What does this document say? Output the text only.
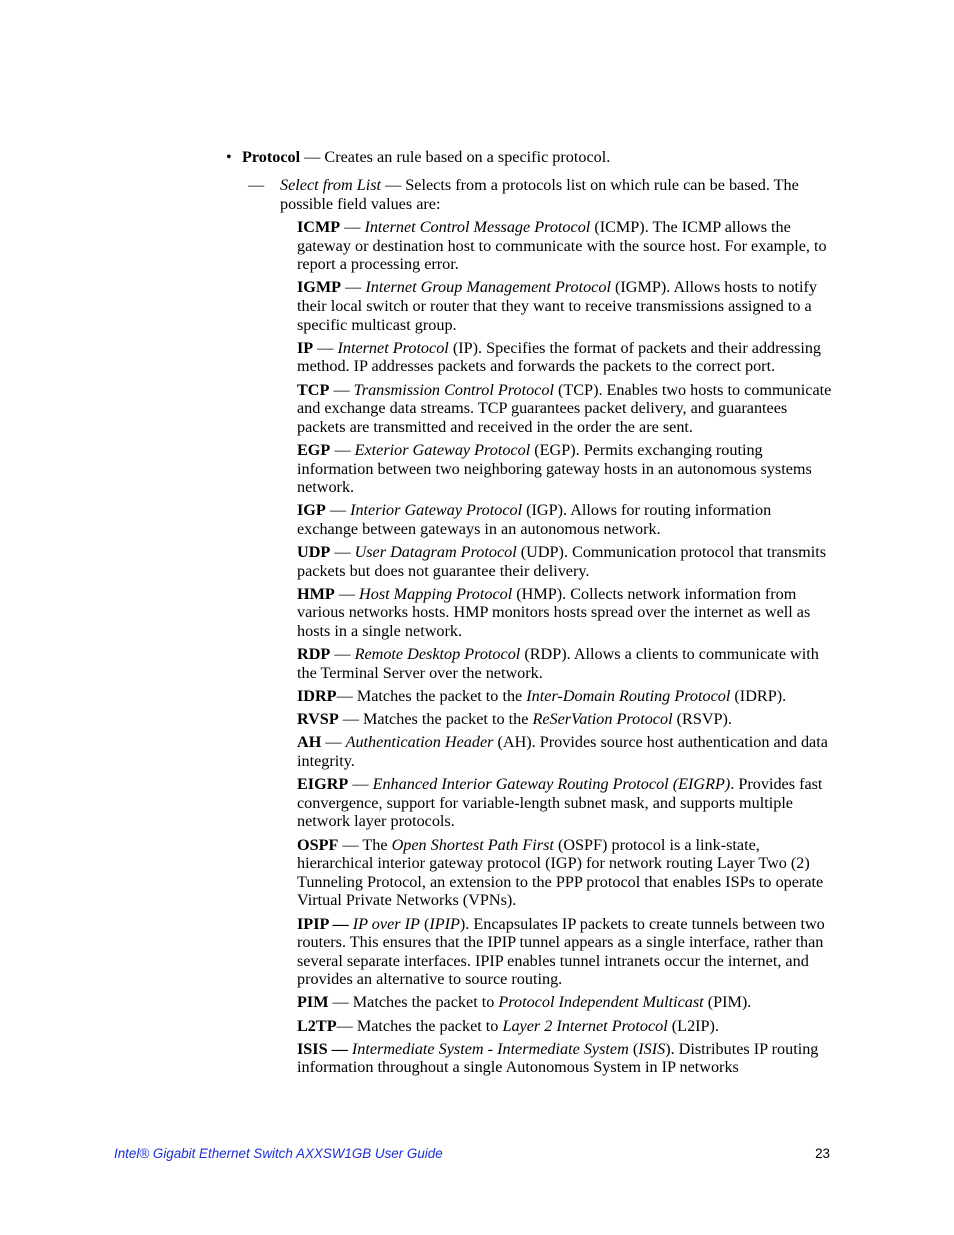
• Protocol — Creates an rule based on a specific protocol.
— Select from List — Selects from a protocols list on which rule can be based. The possible field values are:
ICMP — Internet Control Message Protocol (ICMP). The ICMP allows the gateway or destination host to communicate with the source host. For example, to report a processing error.
IGMP — Internet Group Management Protocol (IGMP). Allows hosts to notify their local switch or router that they want to receive transmissions assigned to a specific multicast group.
IP — Internet Protocol (IP). Specifies the format of packets and their addressing method. IP addresses packets and forwards the packets to the correct port.
TCP — Transmission Control Protocol (TCP). Enables two hosts to communicate and exchange data streams. TCP guarantees packet delivery, and guarantees packets are transmitted and received in the order the are sent.
EGP — Exterior Gateway Protocol (EGP). Permits exchanging routing information between two neighboring gateway hosts in an autonomous systems network.
IGP — Interior Gateway Protocol (IGP). Allows for routing information exchange between gateways in an autonomous network.
UDP — User Datagram Protocol (UDP). Communication protocol that transmits packets but does not guarantee their delivery.
HMP — Host Mapping Protocol (HMP). Collects network information from various networks hosts. HMP monitors hosts spread over the internet as well as hosts in a single network.
RDP — Remote Desktop Protocol (RDP). Allows a clients to communicate with the Terminal Server over the network.
IDRP— Matches the packet to the Inter-Domain Routing Protocol (IDRP).
RVSP — Matches the packet to the ReSerVation Protocol (RSVP).
AH — Authentication Header (AH). Provides source host authentication and data integrity.
EIGRP — Enhanced Interior Gateway Routing Protocol (EIGRP). Provides fast convergence, support for variable-length subnet mask, and supports multiple network layer protocols.
OSPF — The Open Shortest Path First (OSPF) protocol is a link-state, hierarchical interior gateway protocol (IGP) for network routing Layer Two (2) Tunneling Protocol, an extension to the PPP protocol that enables ISPs to operate Virtual Private Networks (VPNs).
IPIP — IP over IP (IPIP). Encapsulates IP packets to create tunnels between two routers. This ensures that the IPIP tunnel appears as a single interface, rather than several separate interfaces. IPIP enables tunnel intranets occur the internet, and provides an alternative to source routing.
PIM — Matches the packet to Protocol Independent Multicast (PIM).
L2TP— Matches the packet to Layer 2 Internet Protocol (L2IP).
ISIS — Intermediate System - Intermediate System (ISIS). Distributes IP routing information throughout a single Autonomous System in IP networks
Intel® Gigabit Ethernet Switch AXXSW1GB User Guide	23
